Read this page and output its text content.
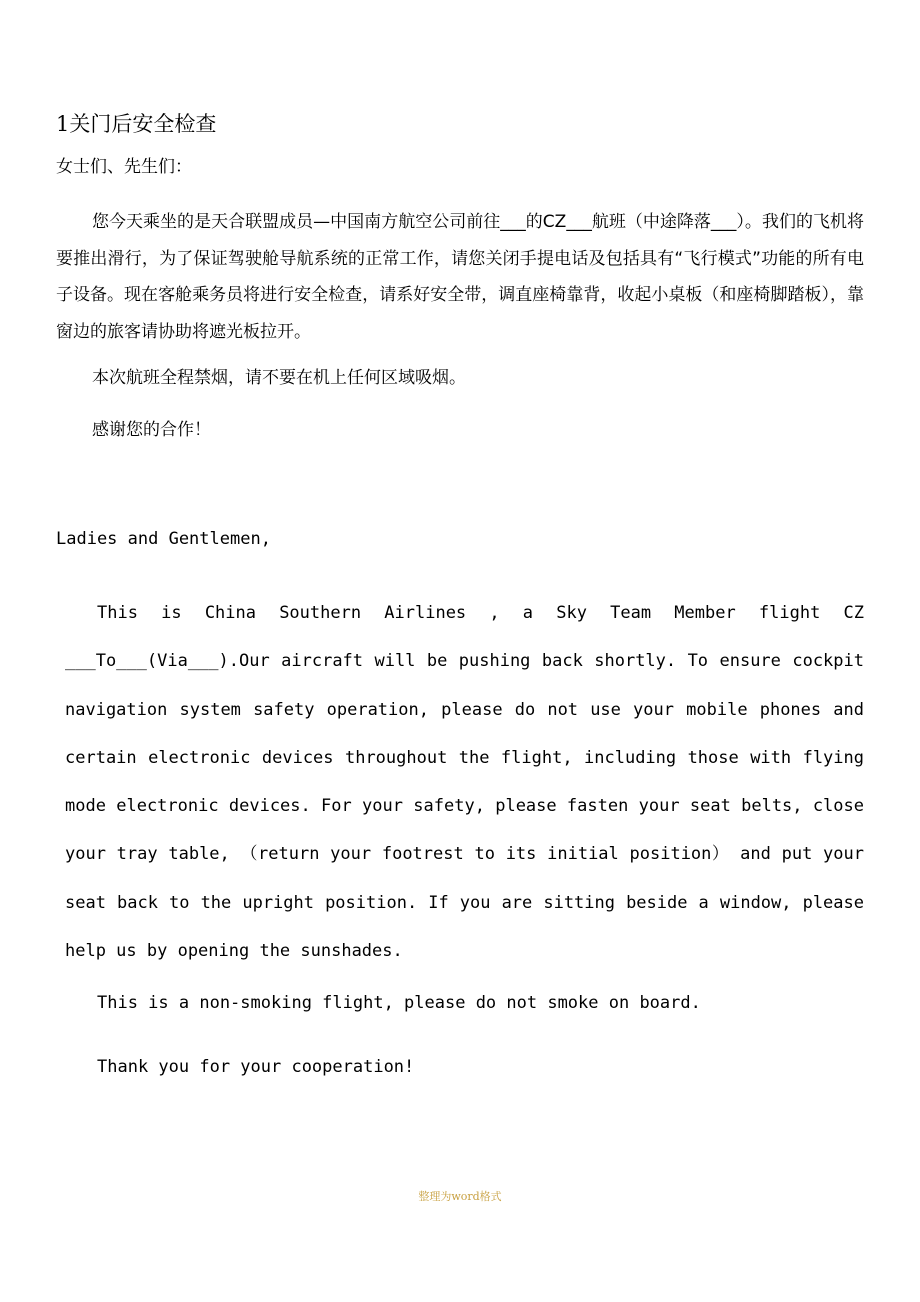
1关门后安全检查
女士们、先生们：

您今天乘坐的是天合联盟成员—中国南方航空公司前往___的CZ___航班（中途降落___）。我们的飞机将要推出滑行，为了保证驾驶舱导航系统的正常工作，请您关闭手提电话及包括具有“飞行模式”功能的所有电子设备。现在客舱乘务员将进行安全检查，请系好安全带，调直座椅靠背，收起小桌板（和座椅脚踏板），靠窗边的旅客请协助将遮光板拉开。

本次航班全程禁烟，请不要在机上任何区域吸烟。
感谢您的合作！
Ladies and Gentlemen,

This is China Southern Airlines , a Sky Team Member flight CZ ___To___(Via___).Our aircraft will be pushing back shortly. To ensure cockpit navigation system safety operation, please do not use your mobile phones and certain electronic devices throughout the flight, including those with flying mode electronic devices. For your safety, please fasten your seat belts, close your tray table, （return your footrest to its initial position） and put your seat back to the upright position. If you are sitting beside a window, please help us by opening the sunshades.

This is a non-smoking flight, please do not smoke on board.
Thank you for your cooperation!
整理为word格式
